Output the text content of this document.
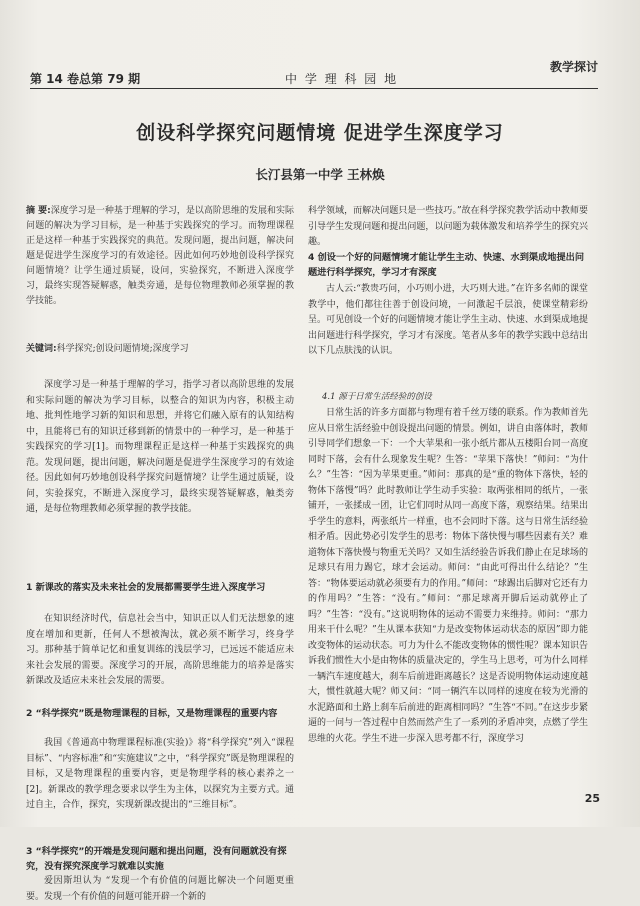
第 14 卷总第 79 期	中 学 理 科 园 地
教学探讨
创设科学探究问题情境 促进学生深度学习
长汀县第一中学 王林焕
摘 要:深度学习是一种基于理解的学习，是以高阶思维的发展和实际问题的解决为学习目标，是一种基于实践探究的学习。而物理课程正是这样一种基于实践探究的典范。发现问题，提出问题，解决问题是促进学生深度学习的有效途径。因此如何巧妙地创设科学探究问题情境？让学生通过质疑，设问，实验探究，不断进入深度学习，最终实现答疑解惑，触类旁通，是每位物理教师必须掌握的教学技能。
关键词:科学探究;创设问题情境;深度学习

深度学习是一种基于理解的学习，指学习者以高阶思维的发展和实际问题的解决为学习目标，以整合的知识为内容，积极主动地、批判性地学习新的知识和思想，并将它们融入原有的认知结构中，且能将已有的知识迁移到新的情景中的一种学习，是一种基于实践探究的学习[1]。而物理课程正是这样一种基于实践探究的典范。发现问题，提出问题，解决问题是促进学生深度学习的有效途径。因此如何巧妙地创设科学探究问题情境？让学生通过质疑，设问，实验探究，不断进入深度学习，最终实现答疑解惑，触类旁通，是每位物理教师必须掌握的教学技能。

1 新课改的落实及未来社会的发展都需要学生进入深度学习

在知识经济时代，信息社会当中，知识正以人们无法想象的速度在增加和更新，任何人不想被淘汰，就必须不断学习，终身学习。那种基于简单记忆和重复训练的浅层学习，已远远不能适应未来社会发展的需要。深度学习的开展，高阶思维能力的培养是落实新课改及适应未来社会发展的需要。

2 “科学探究”既是物理课程的目标，又是物理课程的重要内容

我国《普通高中物理课程标准(实验)》将“科学探究”列入“课程目标”、“内容标准”和“实施建议”之中，“科学探究”既是物理课程的目标，又是物理课程的重要内容，更是物理学科的核心素养之一[2]。新课改的教学理念要求以学生为主体，以探究为主要方式。通过自主，合作，探究，实现新课改提出的“三维目标”。

3 “科学探究”的开端是发现问题和提出问题，没有问题就没有探究，没有探究深度学习就难以实施

爱因斯坦认为 “发现一个有价值的问题比解决一个问题更重要。发现一个有价值的问题可能开辟一个新的

科学领域，而解决问题只是一些技巧。”故在科学探究教学活动中教师要引导学生发现问题和提出问题，以问题为载体激发和培养学生的探究兴趣。

4 创设一个好的问题情境才能让学生主动、快速、水到渠成地提出问题进行科学探究，学习才有深度

古人云:“教贵巧问，小巧则小进，大巧则大进。”在许多名师的课堂教学中，他们都往往善于创设问境，一问激起千层浪，使课堂精彩纷呈。可见创设一个好的问题情境才能让学生主动、快速、水到渠成地提出问题进行科学探究，学习才有深度。笔者从多年的教学实践中总结出以下几点肤浅的认识。

4.1 源于日常生活经验的创设

日常生活的许多方面都与物理有着千丝万缕的联系。作为教师首先应从日常生活经验中创设提出问题的情景。例如，讲自由落体时，教师引导同学们想象一下：一个大苹果和一张小纸片都从五楼阳台同一高度同时下落，会有什么现象发生呢？生答：“苹果下落快！”师问：“为什么？”生答：“因为苹果更重。”师问：那真的是“重的物体下落快，轻的物体下落慢”吗？此时教师让学生动手实验：取两张相同的纸片，一张铺开，一张揉成一团，让它们同时从同一高度下落，观察结果。结果出乎学生的意料，两张纸片一样重，也不会同时下落。这与日常生活经验相矛盾。因此势必引发学生的思考：物体下落快慢与哪些因素有关？难道物体下落快慢与物重无关吗？又如生活经验告诉我们静止在足球场的足球只有用力踢它，球才会运动。师问：“由此可得出什么结论？”生答：“物体要运动就必须要有力的作用。”师问：“球踢出后脚对它还有力的作用吗？”生答：“没有。”师问：“那足球离开脚后运动就停止了吗？”生答：“没有。”这说明物体的运动不需要力来维持。师问：“那力用来干什么呢？”生从课本获知“力是改变物体运动状态的原因”即力能改变物体的运动状态。可力为什么不能改变物体的惯性呢？课本知识告诉我们惯性大小是由物体的质量决定的，学生马上思考，可为什么同样一辆汽车速度越大，刹车后前进距离越长？这是否说明物体运动速度越大，惯性就越大呢？师又问：“同一辆汽车以同样的速度在较为光滑的水泥路面和土路上刹车后前进的距离相同吗？”生答“不同。”在这步步紧逼的一问与一答过程中自然而然产生了一系列的矛盾冲突，点燃了学生思维的火花。学生不进一步深入思考都不行，深度学习

25
